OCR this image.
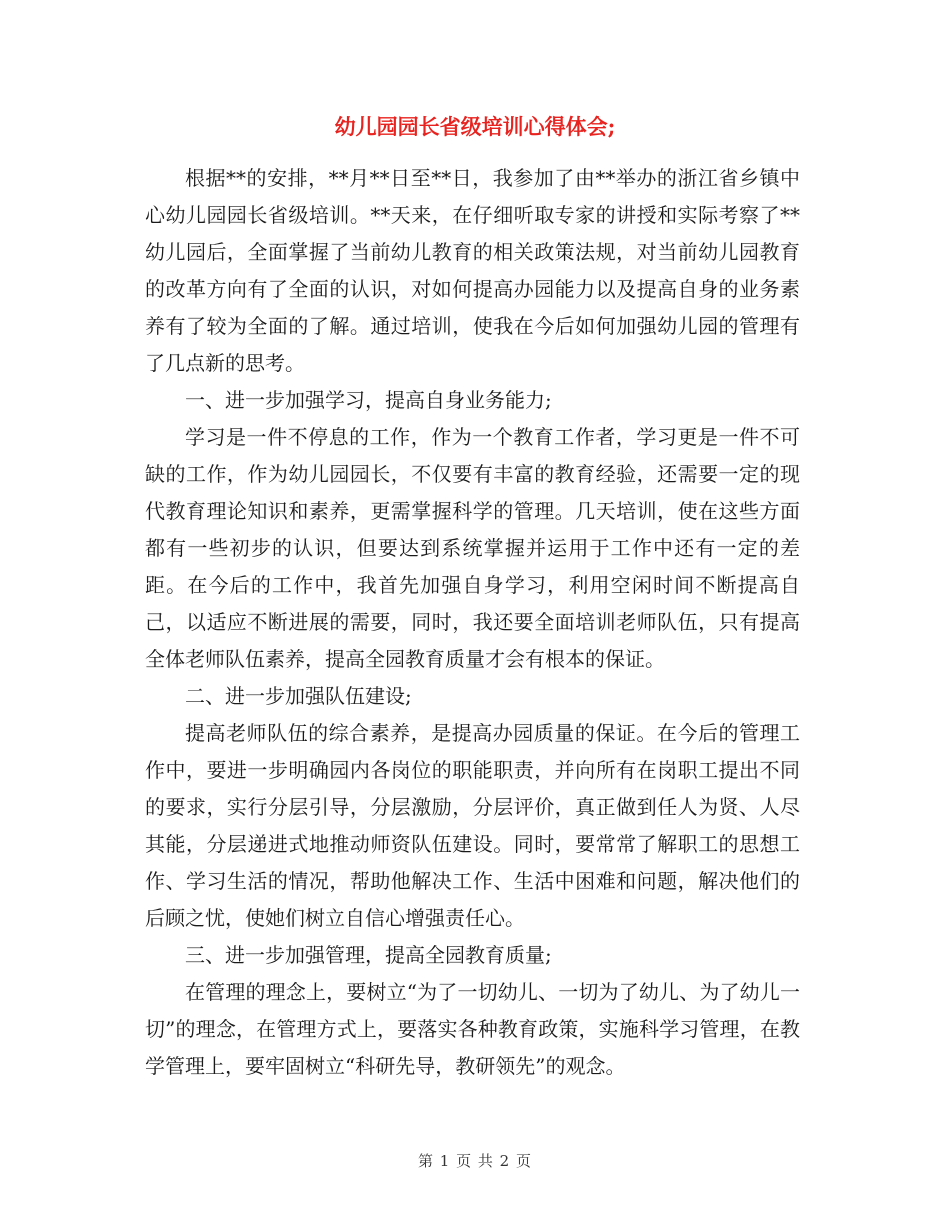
幼儿园园长省级培训心得体会;

根据**的安排，**月**日至**日，我参加了由**举办的浙江省乡镇中心幼儿园园长省级培训。**天来，在仔细听取专家的讲授和实际考察了**幼儿园后，全面掌握了当前幼儿教育的相关政策法规，对当前幼儿园教育的改革方向有了全面的认识，对如何提高办园能力以及提高自身的业务素养有了较为全面的了解。通过培训，使我在今后如何加强幼儿园的管理有了几点新的思考。

一、进一步加强学习，提高自身业务能力;

学习是一件不停息的工作，作为一个教育工作者，学习更是一件不可缺的工作，作为幼儿园园长，不仅要有丰富的教育经验，还需要一定的现代教育理论知识和素养，更需掌握科学的管理。几天培训，使在这些方面都有一些初步的认识，但要达到系统掌握并运用于工作中还有一定的差距。在今后的工作中，我首先加强自身学习，利用空闲时间不断提高自己，以适应不断进展的需要，同时，我还要全面培训老师队伍，只有提高全体老师队伍素养，提高全园教育质量才会有根本的保证。

二、进一步加强队伍建设;

提高老师队伍的综合素养，是提高办园质量的保证。在今后的管理工作中，要进一步明确园内各岗位的职能职责，并向所有在岗职工提出不同的要求，实行分层引导，分层激励，分层评价，真正做到任人为贤、人尽其能，分层递进式地推动师资队伍建设。同时，要常常了解职工的思想工作、学习生活的情况，帮助他解决工作、生活中困难和问题，解决他们的后顾之忧，使她们树立自信心增强责任心。

三、进一步加强管理，提高全园教育质量;

在管理的理念上，要树立“为了一切幼儿、一切为了幼儿、为了幼儿一切”的理念，在管理方式上，要落实各种教育政策，实施科学习管理，在教学管理上，要牢固树立“科研先导，教研领先”的观念。

第 1 页 共 2 页
